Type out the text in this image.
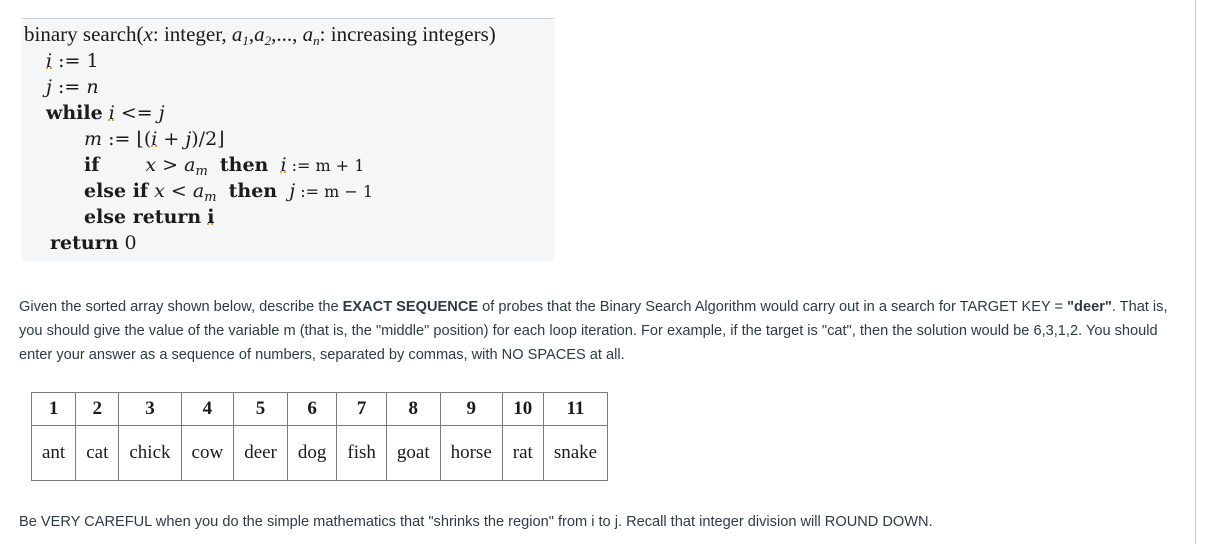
binary search(x: integer, $a_1,a_2$,..., $a_n$: increasing integers)
i := 1
j := n
while i <= j
m := ⌊(i + j)/2⌋
if $x > a_m$ then i := m + 1
else if $x < a_m$ then j := m − 1
else return i
return 0
Given the sorted array shown below, describe the EXACT SEQUENCE of probes that the Binary Search Algorithm would carry out in a search for TARGET KEY = "deer". That is, you should give the value of the variable m (that is, the "middle" position) for each loop iteration. For example, if the target is "cat", then the solution would be 6,3,1,2. You should enter your answer as a sequence of numbers, separated by commas, with NO SPACES at all.
1	2	3	4	5	6	7	8	9	10	11
ant	cat	chick	cow	deer	dog	fish	goat	horse	rat	snake
Be VERY CAREFUL when you do the simple mathematics that "shrinks the region" from i to j. Recall that integer division will ROUND DOWN.
